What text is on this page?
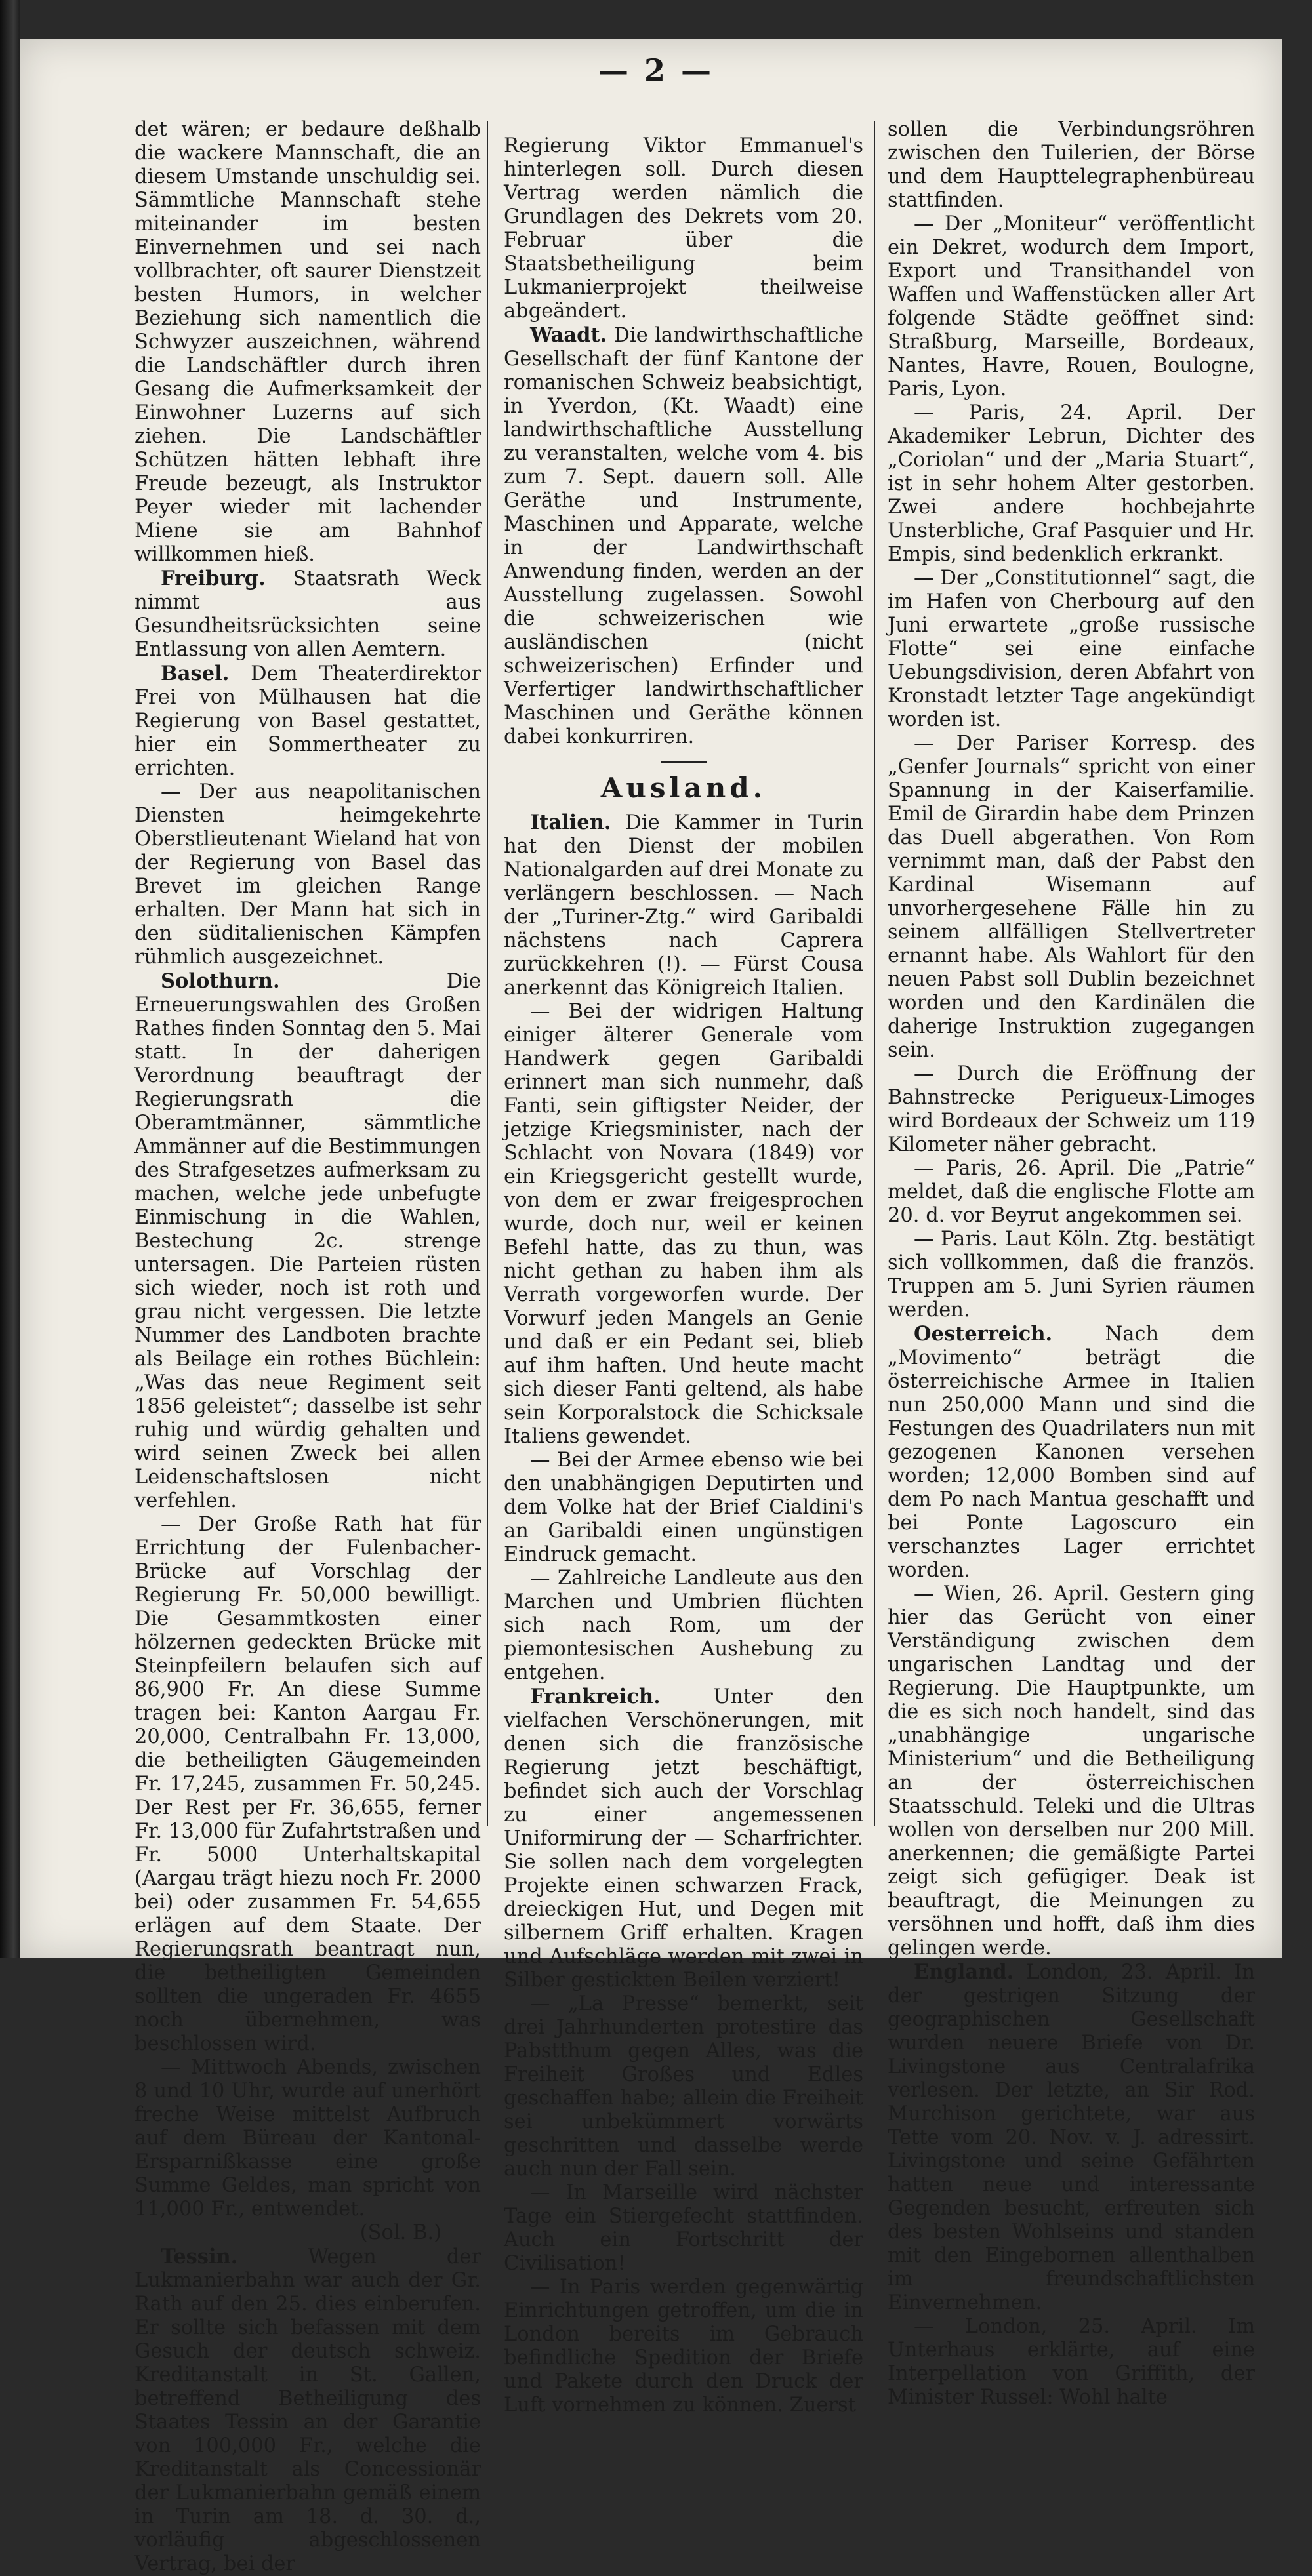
— 2 —

det wären; er bedaure deßhalb die wackere Mannschaft, die an diesem Umstande unschuldig sei. Sämmtliche Mannschaft stehe miteinander im besten Einvernehmen und sei nach vollbrachter, oft saurer Dienstzeit besten Humors, in welcher Beziehung sich namentlich die Schwyzer auszeichnen, während die Landschäftler durch ihren Gesang die Aufmerksamkeit der Einwohner Luzerns auf sich ziehen. Die Landschäftler Schützen hätten lebhaft ihre Freude bezeugt, als Instruktor Peyer wieder mit lachender Miene sie am Bahnhof willkommen hieß.

Freiburg. Staatsrath Weck nimmt aus Gesundheitsrücksichten seine Entlassung von allen Aemtern.

Basel. Dem Theaterdirektor Frei von Mülhausen hat die Regierung von Basel gestattet, hier ein Sommertheater zu errichten.

— Der aus neapolitanischen Diensten heimgekehrte Oberstlieutenant Wieland hat von der Regierung von Basel das Brevet im gleichen Range erhalten. Der Mann hat sich in den süditalienischen Kämpfen rühmlich ausgezeichnet.

Solothurn.	Die Erneuerungswahlen des Großen Rathes finden Sonntag den 5. Mai statt. In der daherigen Verordnung beauftragt der Regierungsrath die Oberamtmänner, sämmtliche Ammänner auf die Bestimmungen des Strafgesetzes aufmerksam zu machen, welche jede unbefugte Einmischung in die Wahlen, Bestechung 2c. strenge untersagen. Die Parteien rüsten sich wieder, noch ist roth und grau nicht vergessen. Die letzte Nummer des Landboten brachte als Beilage ein rothes Büchlein: „Was das neue Regiment seit 1856 geleistet“; dasselbe ist sehr ruhig und würdig gehalten und wird seinen Zweck bei allen Leidenschaftslosen nicht verfehlen.

— Der Große Rath hat für Errichtung der Fulenbacher-Brücke auf Vorschlag der Regierung Fr. 50,000 bewilligt. Die Gesammtkosten einer hölzernen gedeckten Brücke mit Steinpfeilern belaufen sich auf 86,900 Fr. An diese Summe tragen bei: Kanton Aargau Fr. 20,000, Centralbahn Fr. 13,000, die betheiligten Gäugemeinden Fr. 17,245, zusammen Fr. 50,245. Der Rest per Fr. 36,655, ferner Fr. 13,000 für Zufahrtstraßen und Fr. 5000 Unterhaltskapital (Aargau trägt hiezu noch Fr. 2000 bei) oder zusammen Fr. 54,655 erlägen auf dem Staate. Der Regierungsrath beantragt nun, die betheiligten Gemeinden sollten die ungeraden Fr. 4655 noch übernehmen, was beschlossen wird.

— Mittwoch Abends, zwischen 8 und 10 Uhr, wurde auf unerhört freche Weise mittelst Aufbruch auf dem Büreau der Kantonal-Ersparnißkasse eine große Summe Geldes, man spricht von 11,000 Fr., entwendet.
(Sol. B.)

Tessin.	Wegen der Lukmanierbahn war auch der Gr. Rath auf den 25. dies einberufen. Er sollte sich befassen mit dem Gesuch der deutsch schweiz. Kreditanstalt in St. Gallen, betreffend Betheiligung des Staates Tessin an der Garantie von 100,000 Fr., welche die Kreditanstalt als Concessionär der Lukmanierbahn gemäß einem in Turin am 18. d. 30. d., vorläufig abgeschlossenen Vertrag, bei der

Regierung Viktor Emmanuel's hinterlegen soll. Durch diesen Vertrag werden nämlich die Grundlagen des Dekrets vom 20. Februar über die Staatsbetheiligung beim Lukmanierprojekt theilweise abgeändert.

Waadt. Die landwirthschaftliche Gesellschaft der fünf Kantone der romanischen Schweiz beabsichtigt, in Yverdon, (Kt. Waadt) eine landwirthschaftliche Ausstellung zu veranstalten, welche vom 4. bis zum 7. Sept. dauern soll. Alle Geräthe und Instrumente, Maschinen und Apparate, welche in der Landwirthschaft Anwendung finden, werden an der Ausstellung zugelassen. Sowohl die schweizerischen wie ausländischen (nicht schweizerischen) Erfinder und Verfertiger landwirthschaftlicher Maschinen und Geräthe können dabei konkurriren.

Ausland.

Italien. Die Kammer in Turin hat den Dienst der mobilen Nationalgarden auf drei Monate zu verlängern beschlossen. — Nach der „Turiner-Ztg.“ wird Garibaldi nächstens nach Caprera zurückkehren (!). — Fürst Cousa anerkennt das Königreich Italien.

— Bei der widrigen Haltung einiger älterer Generale vom Handwerk gegen Garibaldi erinnert man sich nunmehr, daß Fanti, sein giftigster Neider, der jetzige Kriegsminister, nach der Schlacht von Novara (1849) vor ein Kriegsgericht gestellt wurde, von dem er zwar freigesprochen wurde, doch nur, weil er keinen Befehl hatte, das zu thun, was nicht gethan zu haben ihm als Verrath vorgeworfen wurde. Der Vorwurf jeden Mangels an Genie und daß er ein Pedant sei, blieb auf ihm haften. Und heute macht sich dieser Fanti geltend, als habe sein Korporalstock die Schicksale Italiens gewendet.

— Bei der Armee ebenso wie bei den unabhängigen Deputirten und dem Volke hat der Brief Cialdini's an Garibaldi einen ungünstigen Eindruck gemacht.

— Zahlreiche Landleute aus den Marchen und Umbrien flüchten sich nach Rom, um der piemontesischen Aushebung zu entgehen.

Frankreich.	Unter den vielfachen Verschönerungen, mit denen sich die französische Regierung jetzt beschäftigt, befindet sich auch der Vorschlag zu einer angemessenen Uniformirung der — Scharfrichter. Sie sollen nach dem vorgelegten Projekte einen schwarzen Frack, dreieckigen Hut, und Degen mit silbernem Griff erhalten. Kragen und Aufschläge werden mit zwei in Silber gestickten Beilen verziert!

— „La Presse“ bemerkt, seit drei Jahrhunderten protestire das Pabstthum gegen Alles, was die Freiheit Großes und Edles geschaffen habe; allein die Freiheit sei unbekümmert vorwärts geschritten und dasselbe werde auch nun der Fall sein.

— In Marseille wird nächster Tage ein Stiergefecht stattfinden. Auch ein Fortschritt der Civilisation!

— In Paris werden gegenwärtig Einrichtungen getroffen, um die in London bereits im Gebrauch befindliche Spedition der Briefe und Pakete durch den Druck der Luft vornehmen zu können. Zuerst

sollen die Verbindungsröhren zwischen den Tuilerien, der Börse und dem Haupttelegraphenbüreau stattfinden.

— Der „Moniteur“ veröffentlicht ein Dekret, wodurch dem Import, Export und Transithandel von Waffen und Waffenstücken aller Art folgende Städte geöffnet sind: Straßburg, Marseille, Bordeaux, Nantes, Havre, Rouen, Boulogne, Paris, Lyon.

— Paris, 24. April. Der Akademiker Lebrun, Dichter des „Coriolan“ und der „Maria Stuart“, ist in sehr hohem Alter gestorben. Zwei andere hochbejahrte Unsterbliche, Graf Pasquier und Hr. Empis, sind bedenklich erkrankt.

— Der „Constitutionnel“ sagt, die im Hafen von Cherbourg auf den Juni erwartete „große russische Flotte“ sei eine einfache Uebungsdivision, deren Abfahrt von Kronstadt letzter Tage angekündigt worden ist.

— Der Pariser Korresp. des „Genfer Journals“ spricht von einer Spannung in der Kaiserfamilie. Emil de Girardin habe dem Prinzen das Duell abgerathen. Von Rom vernimmt man, daß der Pabst den Kardinal Wisemann auf unvorhergesehene Fälle hin zu seinem allfälligen Stellvertreter ernannt habe. Als Wahlort für den neuen Pabst soll Dublin bezeichnet worden und den Kardinälen die daherige Instruktion zugegangen sein.

— Durch die Eröffnung der Bahnstrecke Perigueux-Limoges wird Bordeaux der Schweiz um 119 Kilometer näher gebracht.

— Paris, 26. April. Die „Patrie“ meldet, daß die englische Flotte am 20. d. vor Beyrut angekommen sei.

— Paris. Laut Köln. Ztg. bestätigt sich vollkommen, daß die französ. Truppen am 5. Juni Syrien räumen werden.

Oesterreich.	Nach dem „Movimento“ beträgt die österreichische Armee in Italien nun 250,000 Mann und sind die Festungen des Quadrilaters nun mit gezogenen Kanonen versehen worden; 12,000 Bomben sind auf dem Po nach Mantua geschafft und bei Ponte Lagoscuro ein verschanztes Lager errichtet worden.

— Wien, 26. April. Gestern ging hier das Gerücht von einer Verständigung zwischen dem ungarischen Landtag und der Regierung. Die Hauptpunkte, um die es sich noch handelt, sind das „unabhängige ungarische Ministerium“ und die Betheiligung an der österreichischen Staatsschuld. Teleki und die Ultras wollen von derselben nur 200 Mill. anerkennen; die gemäßigte Partei zeigt sich gefügiger. Deak ist beauftragt, die Meinungen zu versöhnen und hofft, daß ihm dies gelingen werde.

England. London, 23. April. In der gestrigen Sitzung der geographischen Gesellschaft wurden neuere Briefe von Dr. Livingstone aus Centralafrika verlesen. Der letzte, an Sir Rod. Murchison gerichtete, war aus Tette vom 20. Nov. v. J. adressirt. Livingstone und seine Gefährten hatten neue und interessante Gegenden besucht, erfreuten sich des besten Wohlseins und standen mit den Eingebornen allenthalben im freundschaftlichsten Einvernehmen.

— London, 25. April. Im Unterhaus erklärte, auf eine Interpellation von Griffith, der Minister Russel: Wohl halte
